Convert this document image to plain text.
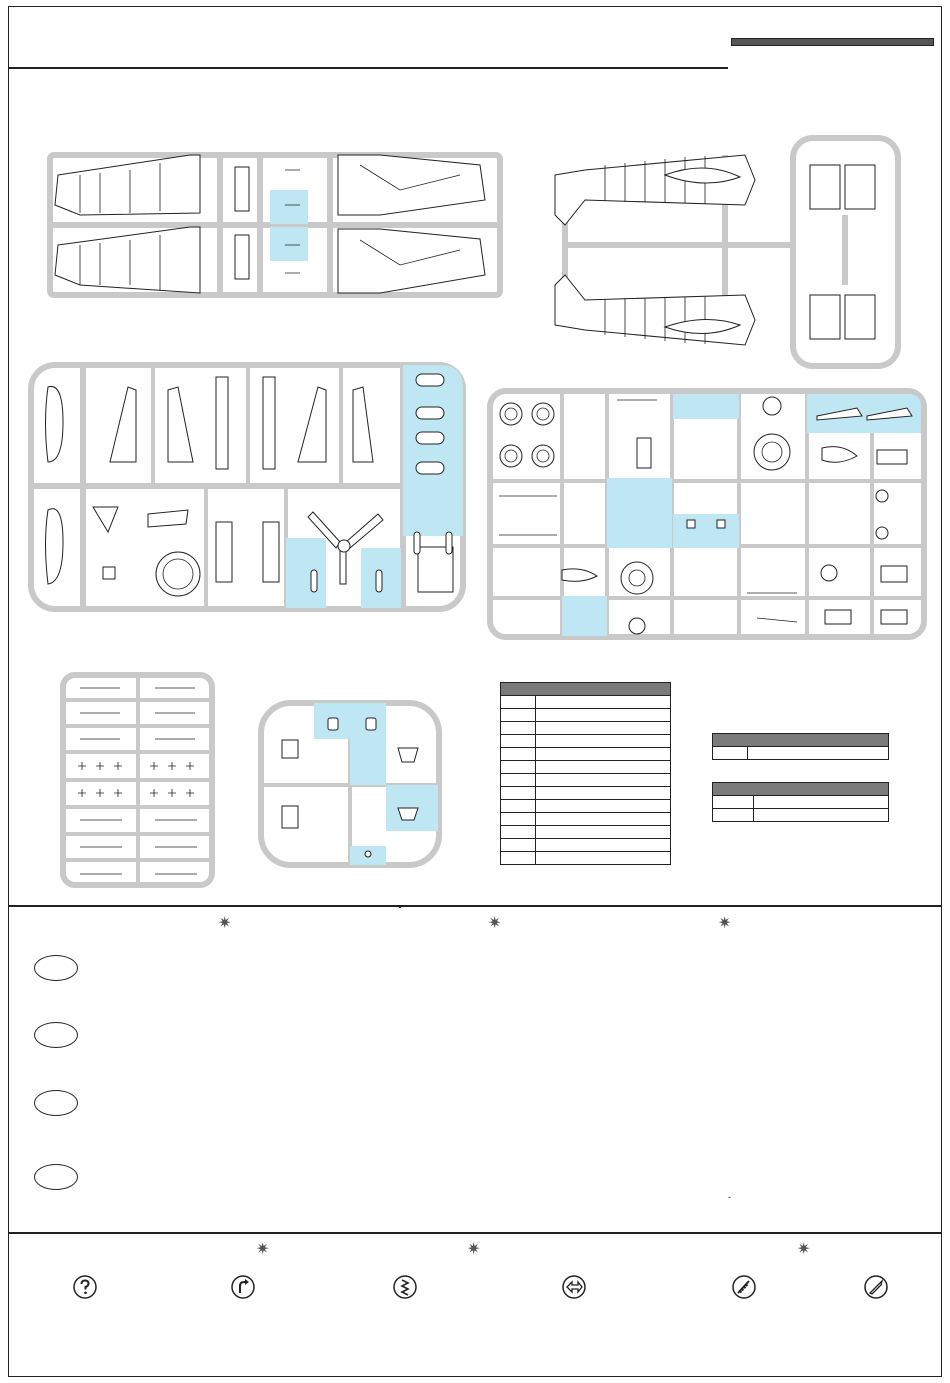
✷
ˇ
✷	✷
-
✷	✷	✷
